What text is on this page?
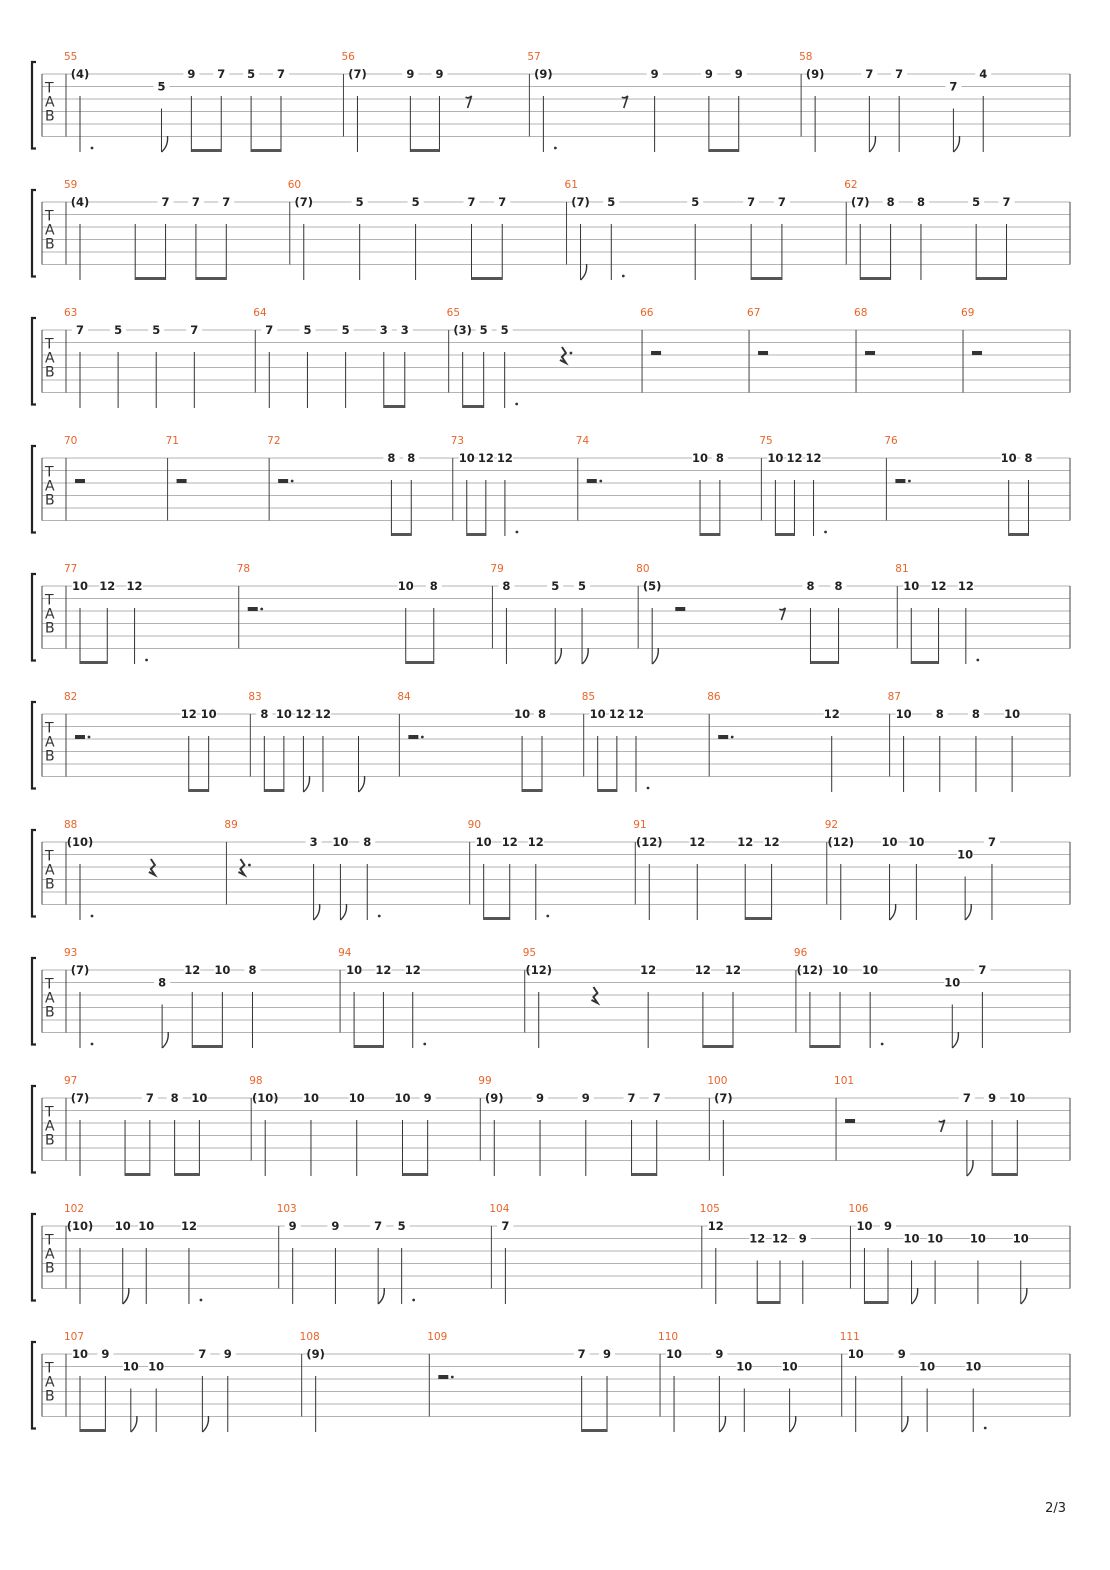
T
A
B
55
(4)
5
9 7 5 7
56
(7)	9 9
57
(9)	9	9 9
58
(9)	7 7
7
4
T
A
B
59
(4)	7 7 7
60
(7)	5	5	7 7
61
(7) 5	5	7 7
62
(7) 8 8	5 7
T
A
B
63
7	5	5	7
64
7	5	5	3 3
65
(3) 5 5
66	67	68	69
T
A
B
70	71	72
8 8
73
10 12 12
74
10 8
75
10 12 12
76
10 8
T
A
B
77
10 12 12
78
10 8
79
8	5 5
80
(5)	8 8
81
10 12 12
T
A
B
82
12 10
83
8 10 12 12
84
10 8
85
10 12 12
86
12
87
10 8 8 10
T
A
B
88
(10)
89
3 10 8
90
10 12 12
91
(12) 12	12 12
92
(12) 10 10
10
7
T
A
B
93
(7)
8
12 10 8
94
10 12 12
95
(12)	12	12 12
96
(12) 10 10
10
7
T
A
B
97
(7)	7 8 10
98
(10) 10	10	10 9
99
(9)	9	9	7 7
100
(7)
101
7 9 10
T
A
B
102
(10) 10 10 12
103
9	9	7 5
104
7
105
12
12 12 9
106
10 9
10 10 10 10
T
A
B
107
10 9
10 10
7 9
108
(9)
109
7 9
110
10	9
10	10
111
10	9
10	10
2/3
